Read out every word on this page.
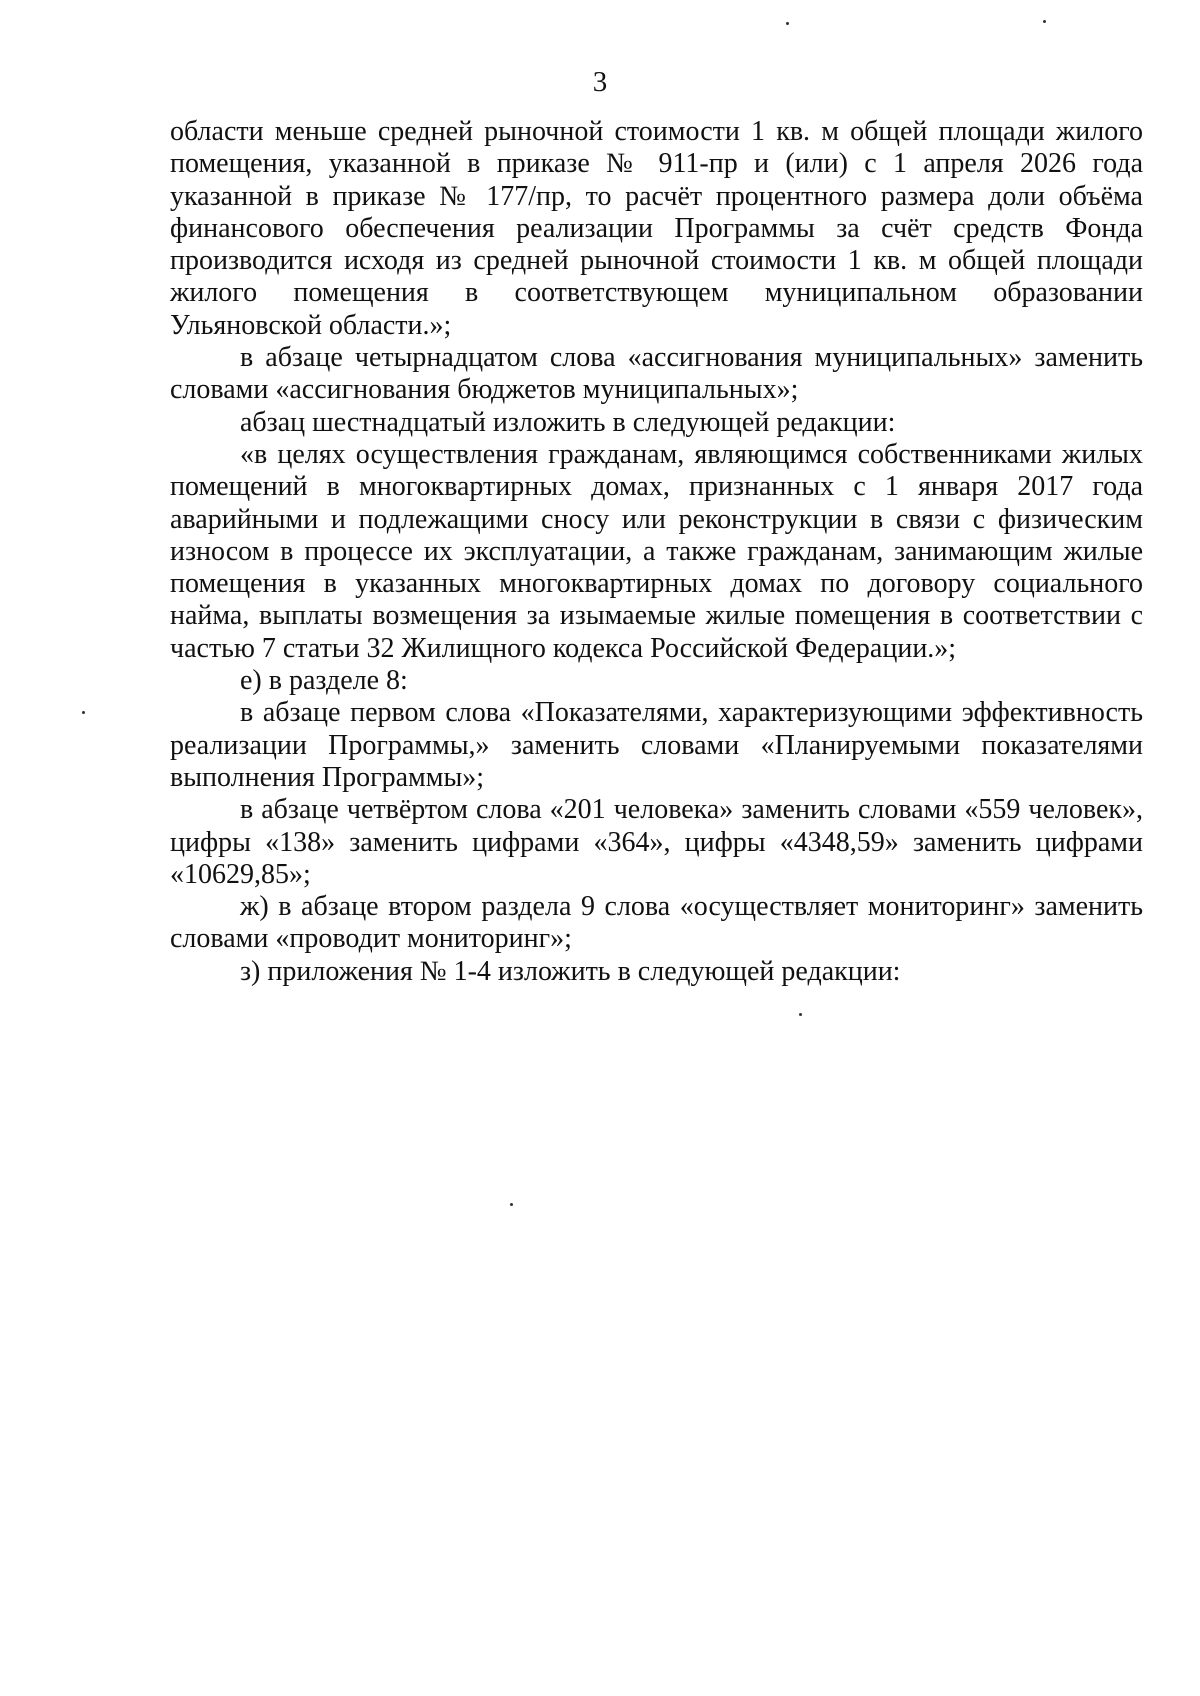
3

области меньше средней рыночной стоимости 1 кв. м общей площади жилого помещения, указанной в приказе № 911-пр и (или) с 1 апреля 2026 года указанной в приказе № 177/пр, то расчёт процентного размера доли объёма финансового обеспечения реализации Программы за счёт средств Фонда производится исходя из средней рыночной стоимости 1 кв. м общей площади жилого помещения в соответствующем муниципальном образовании Ульяновской области.»;

в абзаце четырнадцатом слова «ассигнования муниципальных» заменить словами «ассигнования бюджетов муниципальных»;

абзац шестнадцатый изложить в следующей редакции:

«в целях осуществления гражданам, являющимся собственниками жилых помещений в многоквартирных домах, признанных с 1 января 2017 года аварийными и подлежащими сносу или реконструкции в связи с физическим износом в процессе их эксплуатации, а также гражданам, занимающим жилые помещения в указанных многоквартирных домах по договору социального найма, выплаты возмещения за изымаемые жилые помещения в соответствии с частью 7 статьи 32 Жилищного кодекса Российской Федерации.»;

е) в разделе 8:

в абзаце первом слова «Показателями, характеризующими эффективность реализации Программы,» заменить словами «Планируемыми показателями выполнения Программы»;

в абзаце четвёртом слова «201 человека» заменить словами «559 человек», цифры «138» заменить цифрами «364», цифры «4348,59» заменить цифрами «10629,85»;

ж) в абзаце втором раздела 9 слова «осуществляет мониторинг» заменить словами «проводит мониторинг»;

з) приложения № 1-4 изложить в следующей редакции:
